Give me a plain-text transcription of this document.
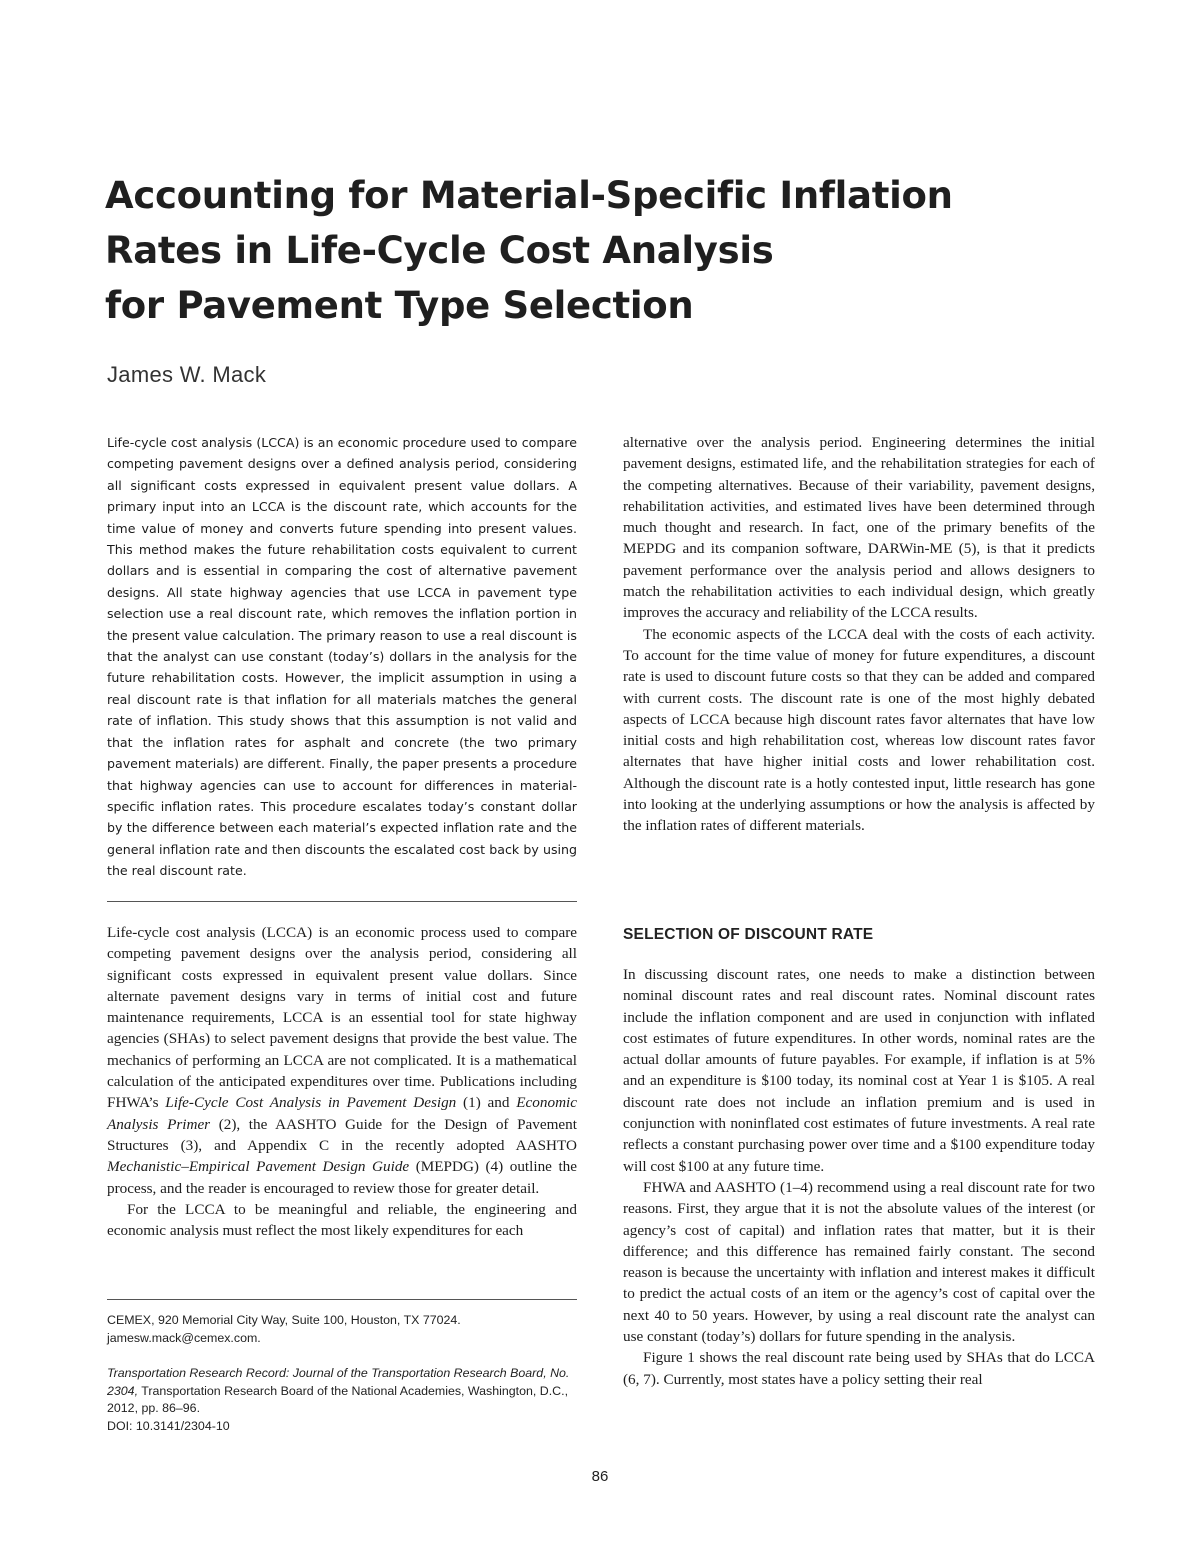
Accounting for Material-Specific Inflation
Rates in Life-Cycle Cost Analysis
for Pavement Type Selection
James W. Mack

Life-cycle cost analysis (LCCA) is an economic procedure used to compare competing pavement designs over a defined analysis period, considering all significant costs expressed in equivalent present value dollars. A primary input into an LCCA is the discount rate, which accounts for the time value of money and converts future spending into present values. This method makes the future rehabilitation costs equivalent to current dollars and is essential in comparing the cost of alternative pavement designs. All state highway agencies that use LCCA in pavement type selection use a real discount rate, which removes the inflation portion in the present value calculation. The primary reason to use a real discount is that the analyst can use constant (today’s) dollars in the analysis for the future rehabilitation costs. However, the implicit assumption in using a real discount rate is that inflation for all materials matches the general rate of inflation. This study shows that this assumption is not valid and that the inflation rates for asphalt and concrete (the two primary pavement materials) are different. Finally, the paper presents a procedure that highway agencies can use to account for differences in material-specific inflation rates. This procedure escalates today’s constant dollar by the difference between each material’s expected inflation rate and the general inflation rate and then discounts the escalated cost back by using the real discount rate.

Life-cycle cost analysis (LCCA) is an economic process used to compare competing pavement designs over the analysis period, considering all significant costs expressed in equivalent present value dollars. Since alternate pavement designs vary in terms of initial cost and future maintenance requirements, LCCA is an essential tool for state highway agencies (SHAs) to select pavement designs that provide the best value. The mechanics of performing an LCCA are not complicated. It is a mathematical calculation of the anticipated expenditures over time. Publications including FHWA’s Life-Cycle Cost Analysis in Pavement Design (1) and Economic Analysis Primer (2), the AASHTO Guide for the Design of Pavement Structures (3), and Appendix C in the recently adopted AASHTO Mechanistic–Empirical Pavement Design Guide (MEPDG) (4) outline the process, and the reader is encouraged to review those for greater detail.

For the LCCA to be meaningful and reliable, the engineering and economic analysis must reflect the most likely expenditures for each

CEMEX, 920 Memorial City Way, Suite 100, Houston, TX 77024. jamesw.mack@cemex.com.

Transportation Research Record: Journal of the Transportation Research Board, No. 2304, Transportation Research Board of the National Academies, Washington, D.C., 2012, pp. 86–96.

DOI: 10.3141/2304-10

alternative over the analysis period. Engineering determines the initial pavement designs, estimated life, and the rehabilitation strategies for each of the competing alternatives. Because of their variability, pavement designs, rehabilitation activities, and estimated lives have been determined through much thought and research. In fact, one of the primary benefits of the MEPDG and its companion software, DARWin-ME (5), is that it predicts pavement performance over the analysis period and allows designers to match the rehabilitation activities to each individual design, which greatly improves the accuracy and reliability of the LCCA results.

The economic aspects of the LCCA deal with the costs of each activity. To account for the time value of money for future expenditures, a discount rate is used to discount future costs so that they can be added and compared with current costs. The discount rate is one of the most highly debated aspects of LCCA because high discount rates favor alternates that have low initial costs and high rehabilitation cost, whereas low discount rates favor alternates that have higher initial costs and lower rehabilitation cost. Although the discount rate is a hotly contested input, little research has gone into looking at the underlying assumptions or how the analysis is affected by the inflation rates of different materials.

SELECTION OF DISCOUNT RATE

In discussing discount rates, one needs to make a distinction between nominal discount rates and real discount rates. Nominal discount rates include the inflation component and are used in conjunction with inflated cost estimates of future expenditures. In other words, nominal rates are the actual dollar amounts of future payables. For example, if inflation is at 5% and an expenditure is $100 today, its nominal cost at Year 1 is $105. A real discount rate does not include an inflation premium and is used in conjunction with noninflated cost estimates of future investments. A real rate reflects a constant purchasing power over time and a $100 expenditure today will cost $100 at any future time.

FHWA and AASHTO (1–4) recommend using a real discount rate for two reasons. First, they argue that it is not the absolute values of the interest (or agency’s cost of capital) and inflation rates that matter, but it is their difference; and this difference has remained fairly constant. The second reason is because the uncertainty with inflation and interest makes it difficult to predict the actual costs of an item or the agency’s cost of capital over the next 40 to 50 years. However, by using a real discount rate the analyst can use constant (today’s) dollars for future spending in the analysis.

Figure 1 shows the real discount rate being used by SHAs that do LCCA (6, 7). Currently, most states have a policy setting their real

86
